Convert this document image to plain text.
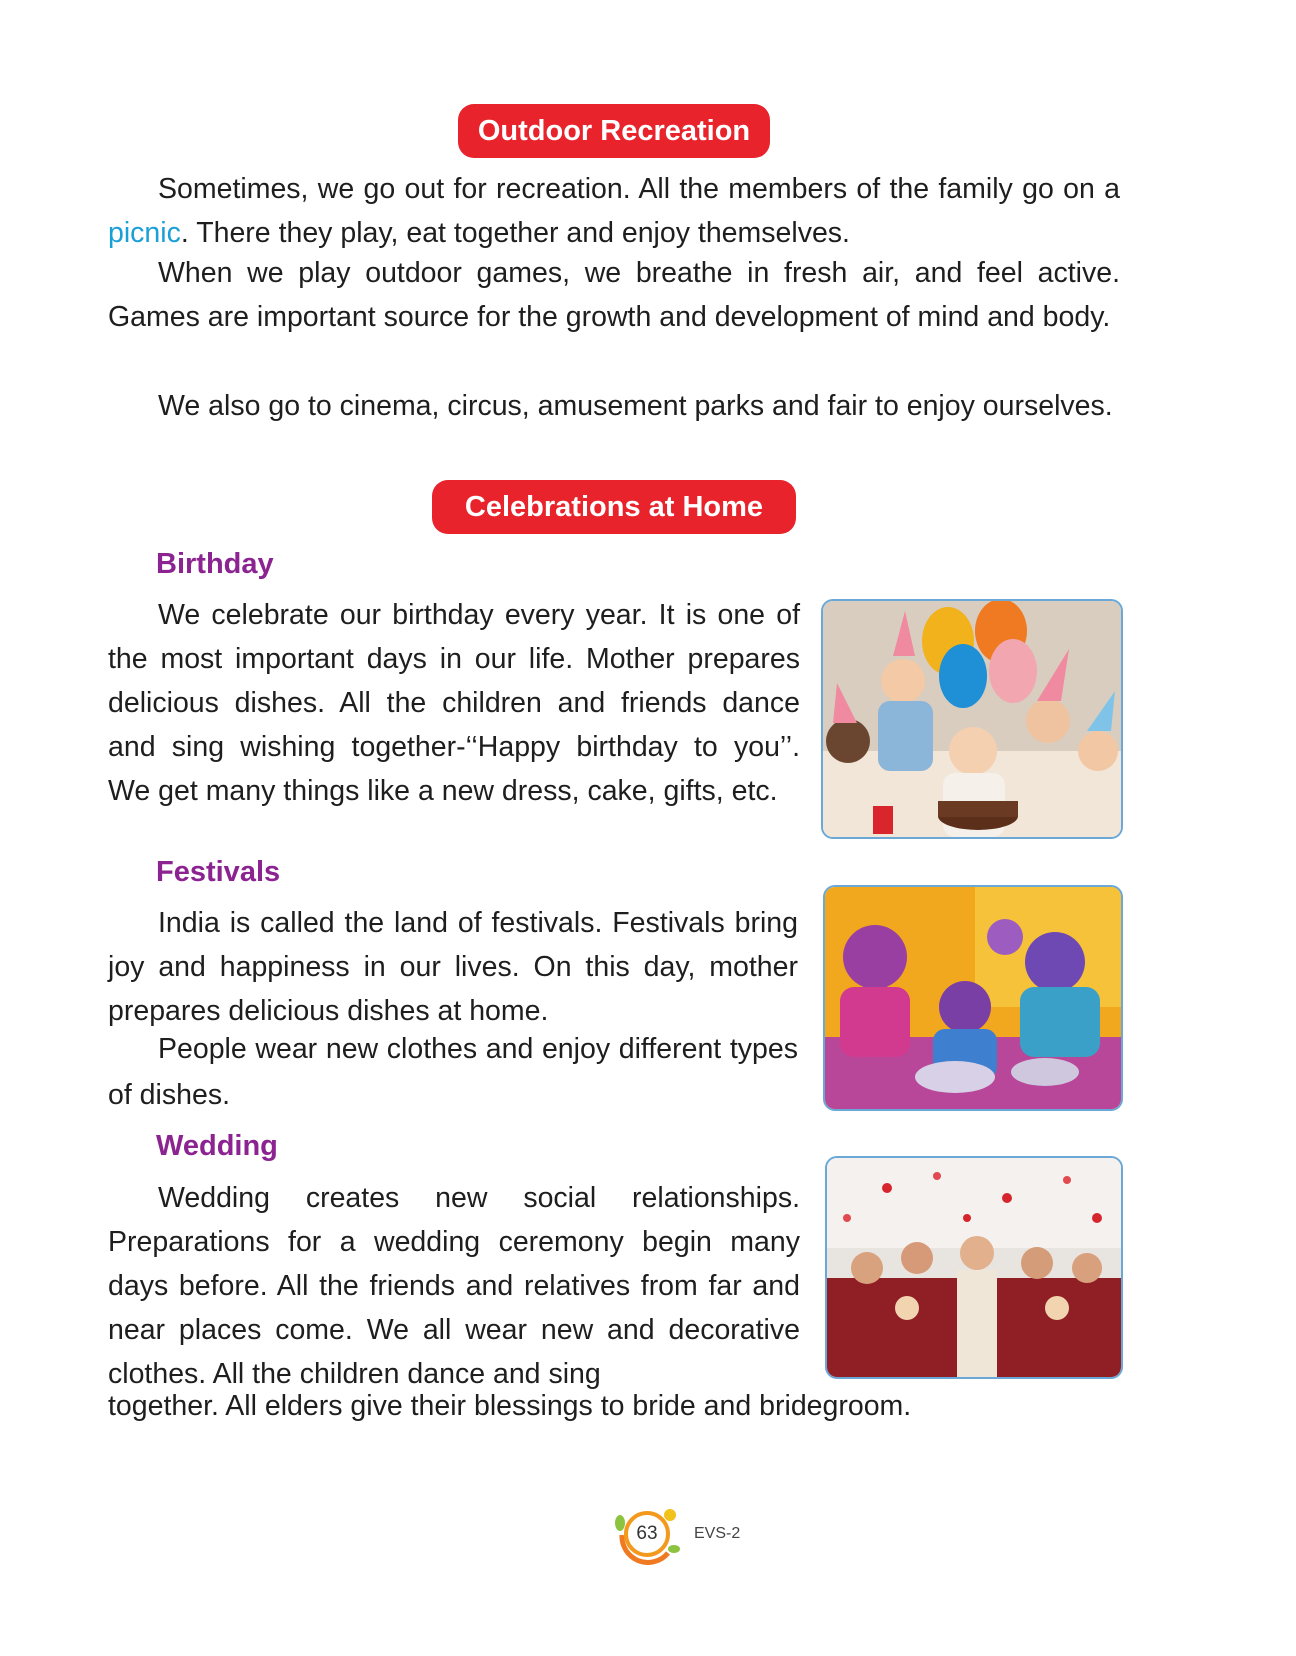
Outdoor Recreation

Sometimes, we go out for recreation. All the members of the family go on a picnic. There they play, eat together and enjoy themselves.

When we play outdoor games, we breathe in fresh air, and feel active. Games are important source for the growth and development of mind and body.

We also go to cinema, circus, amusement parks and fair to enjoy ourselves.

Celebrations at Home
Birthday

We celebrate our birthday every year. It is one of the most important days in our life. Mother prepares delicious dishes. All the children and friends dance and sing wishing together-‘‘Happy birthday to you’’. We get many things like a new dress, cake, gifts, etc.

Festivals

India is called the land of festivals. Festivals bring joy and happiness in our lives. On this day, mother prepares delicious dishes at home.

People wear new clothes and enjoy different types of dishes.

Wedding

Wedding creates new social relationships. Preparations for a wedding ceremony begin many days before. All the friends and relatives from far and near places come. We all wear new and decorative clothes. All the children dance and sing

together. All elders give their blessings to bride and bridegroom.

63	EVS-2
